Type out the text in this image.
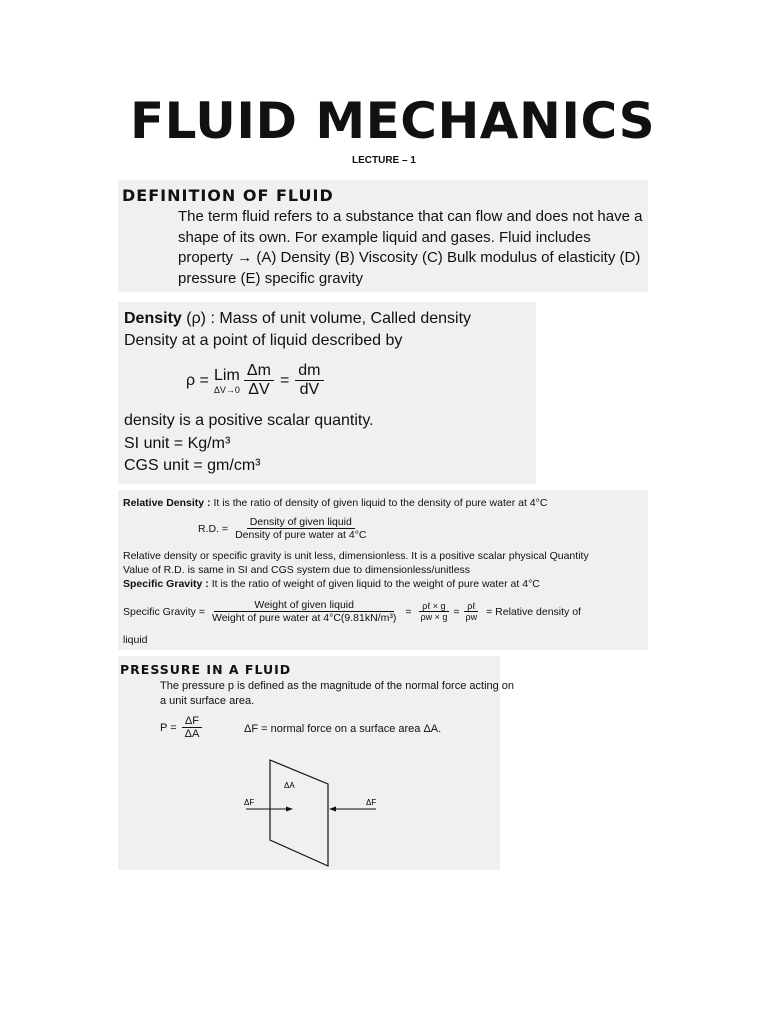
FLUID MECHANICS
LECTURE – 1
DEFINITION OF FLUID
The term fluid refers to a substance that can flow and does not have a shape of its own. For example liquid and gases. Fluid includes property → (A) Density (B) Viscosity (C) Bulk modulus of elasticity (D) pressure (E) specific gravity
Density (ρ) : Mass of unit volume, Called density
Density at a point of liquid described by
ρ = Lim
$\Delta V\to 0 \frac{\Delta m}{\Delta V} = \frac{dm}{dV}$
density is a positive scalar quantity.
SI unit = Kg/m³
CGS unit = gm/cm³
Relative Density : It is the ratio of density of given liquid to the density of pure water at 4°C
R.D. = $\frac{\text{Density of given liquid}}{\text{Density of pure water at 4°C}}$
Relative density or specific gravity is unit less, dimensionless. It is a positive scalar physical Quantity
Value of R.D. is same in SI and CGS system due to dimensionless/unitless
Specific Gravity : It is the ratio of weight of given liquid to the weight of pure water at 4°C
Specific Gravity = $\frac{\text{Weight of given liquid}}{\text{Weight of pure water at 4°C(9.81kN/m³)}} = \frac{\text{ρℓ × g}}{\rho w \times g} = \frac{\text{ρℓ}}{\rho w}$ = Relative density of
liquid
PRESSURE IN A FLUID
The pressure p is defined as the magnitude of the normal force acting on a unit surface area.
$P = \frac{\Delta F}{\Delta A}$	ΔF = normal force on a surface area ΔA.
ΔA
ΔF	ΔF
